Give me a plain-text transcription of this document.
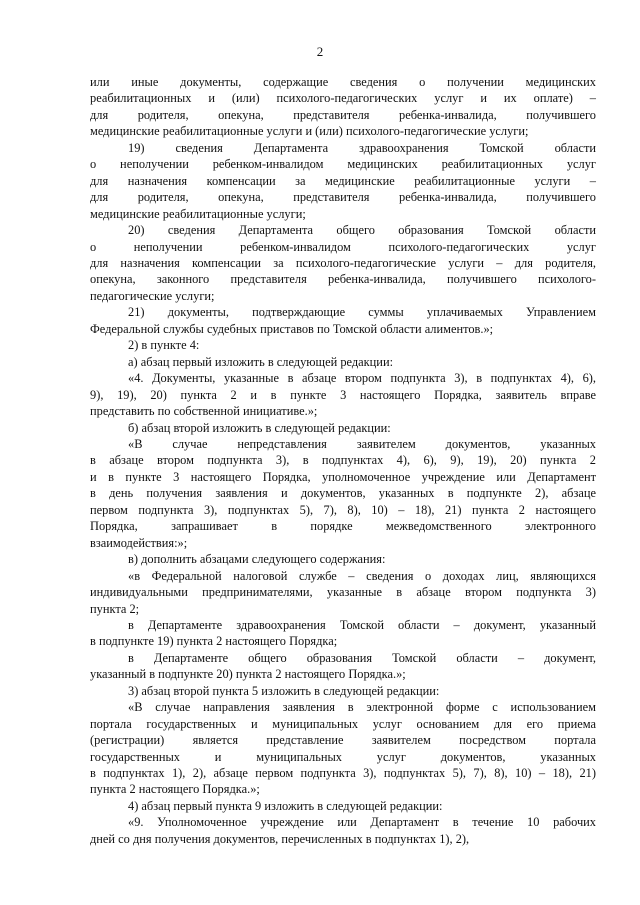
2
или иные документы, содержащие сведения о получении медицинских
реабилитационных и (или) психолого-педагогических услуг и их оплате) –
для родителя, опекуна, представителя ребенка-инвалида, получившего
медицинские реабилитационные услуги и (или) психолого-педагогические услуги;
19) сведения Департамента здравоохранения Томской области
о неполучении ребенком-инвалидом медицинских реабилитационных услуг
для назначения компенсации за медицинские реабилитационные услуги –
для родителя, опекуна, представителя ребенка-инвалида, получившего
медицинские реабилитационные услуги;
20) сведения Департамента общего образования Томской области
о неполучении ребенком-инвалидом психолого-педагогических услуг
для назначения компенсации за психолого-педагогические услуги – для родителя,
опекуна, законного представителя ребенка-инвалида, получившего психолого-
педагогические услуги;
21) документы, подтверждающие суммы уплачиваемых Управлением
Федеральной службы судебных приставов по Томской области алиментов.»;
2) в пункте 4:
а) абзац первый изложить в следующей редакции:
«4. Документы, указанные в абзаце втором подпункта 3), в подпунктах 4), 6),
9), 19), 20) пункта 2 и в пункте 3 настоящего Порядка, заявитель вправе
представить по собственной инициативе.»;
б) абзац второй изложить в следующей редакции:
«В случае непредставления заявителем документов, указанных
в абзаце втором подпункта 3), в подпунктах 4), 6), 9), 19), 20) пункта 2
и в пункте 3 настоящего Порядка, уполномоченное учреждение или Департамент
в день получения заявления и документов, указанных в подпункте 2), абзаце
первом подпункта 3), подпунктах 5), 7), 8), 10) – 18), 21) пункта 2 настоящего
Порядка, запрашивает в порядке межведомственного электронного
взаимодействия:»;
в) дополнить абзацами следующего содержания:
«в Федеральной налоговой службе – сведения о доходах лиц, являющихся
индивидуальными предпринимателями, указанные в абзаце втором подпункта 3)
пункта 2;
в Департаменте здравоохранения Томской области – документ, указанный
в подпункте 19) пункта 2 настоящего Порядка;
в Департаменте общего образования Томской области – документ,
указанный в подпункте 20) пункта 2 настоящего Порядка.»;
3) абзац второй пункта 5 изложить в следующей редакции:
«В случае направления заявления в электронной форме с использованием
портала государственных и муниципальных услуг основанием для его приема
(регистрации) является представление заявителем посредством портала
государственных и муниципальных услуг документов, указанных
в подпунктах 1), 2), абзаце первом подпункта 3), подпунктах 5), 7), 8), 10) – 18), 21)
пункта 2 настоящего Порядка.»;
4) абзац первый пункта 9 изложить в следующей редакции:
«9. Уполномоченное учреждение или Департамент в течение 10 рабочих
дней со дня получения документов, перечисленных в подпунктах 1), 2),
